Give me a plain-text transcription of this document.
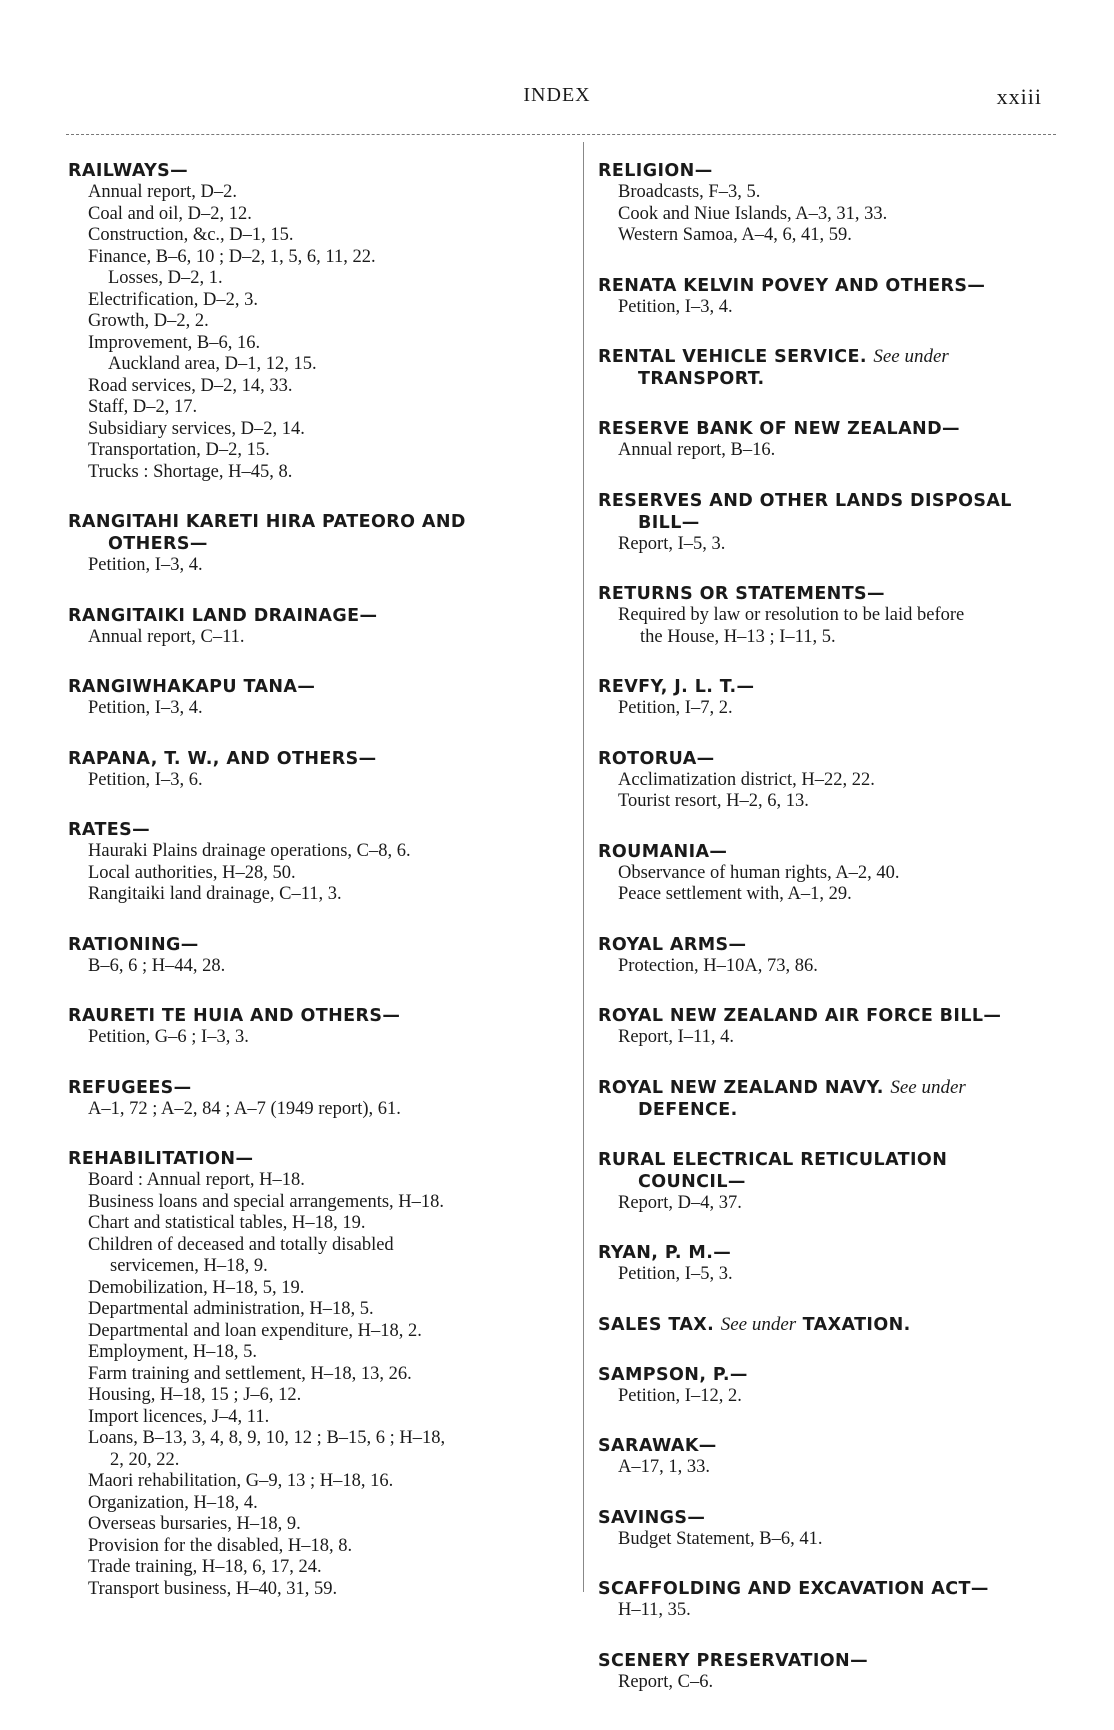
INDEX	xxiii
RAILWAYS—
Annual report, D–2.
Coal and oil, D–2, 12.
Construction, &c., D–1, 15.
Finance, B–6, 10 ; D–2, 1, 5, 6, 11, 22.
Losses, D–2, 1.
Electrification, D–2, 3.
Growth, D–2, 2.
Improvement, B–6, 16.
Auckland area, D–1, 12, 15.
Road services, D–2, 14, 33.
Staff, D–2, 17.
Subsidiary services, D–2, 14.
Transportation, D–2, 15.
Trucks : Shortage, H–45, 8.
RANGITAHI KARETI HIRA PATEORO AND
OTHERS—
Petition, I–3, 4.
RANGITAIKI LAND DRAINAGE—
Annual report, C–11.
RANGIWHAKAPU TANA—
Petition, I–3, 4.
RAPANA, T. W., AND OTHERS—
Petition, I–3, 6.
RATES—
Hauraki Plains drainage operations, C–8, 6.
Local authorities, H–28, 50.
Rangitaiki land drainage, C–11, 3.
RATIONING—
B–6, 6 ; H–44, 28.
RAURETI TE HUIA AND OTHERS—
Petition, G–6 ; I–3, 3.
REFUGEES—
A–1, 72 ; A–2, 84 ; A–7 (1949 report), 61.
REHABILITATION—
Board : Annual report, H–18.
Business loans and special arrangements, H–18.
Chart and statistical tables, H–18, 19.
Children of deceased and totally disabled
servicemen, H–18, 9.
Demobilization, H–18, 5, 19.
Departmental administration, H–18, 5.
Departmental and loan expenditure, H–18, 2.
Employment, H–18, 5.
Farm training and settlement, H–18, 13, 26.
Housing, H–18, 15 ; J–6, 12.
Import licences, J–4, 11.
Loans, B–13, 3, 4, 8, 9, 10, 12 ; B–15, 6 ; H–18,
2, 20, 22.
Maori rehabilitation, G–9, 13 ; H–18, 16.
Organization, H–18, 4.
Overseas bursaries, H–18, 9.
Provision for the disabled, H–18, 8.
Trade training, H–18, 6, 17, 24.
Transport business, H–40, 31, 59.
RELIGION—
Broadcasts, F–3, 5.
Cook and Niue Islands, A–3, 31, 33.
Western Samoa, A–4, 6, 41, 59.
RENATA KELVIN POVEY AND OTHERS—
Petition, I–3, 4.
RENTAL VEHICLE SERVICE. See under
TRANSPORT.
RESERVE BANK OF NEW ZEALAND—
Annual report, B–16.
RESERVES AND OTHER LANDS DISPOSAL
BILL—
Report, I–5, 3.
RETURNS OR STATEMENTS—
Required by law or resolution to be laid before
the House, H–13 ; I–11, 5.
REVFY, J. L. T.—
Petition, I–7, 2.
ROTORUA—
Acclimatization district, H–22, 22.
Tourist resort, H–2, 6, 13.
ROUMANIA—
Observance of human rights, A–2, 40.
Peace settlement with, A–1, 29.
ROYAL ARMS—
Protection, H–10A, 73, 86.
ROYAL NEW ZEALAND AIR FORCE BILL—
Report, I–11, 4.
ROYAL NEW ZEALAND NAVY. See under
DEFENCE.
RURAL ELECTRICAL RETICULATION
COUNCIL—
Report, D–4, 37.
RYAN, P. M.—
Petition, I–5, 3.
SALES TAX. See under TAXATION.
SAMPSON, P.—
Petition, I–12, 2.
SARAWAK—
A–17, 1, 33.
SAVINGS—
Budget Statement, B–6, 41.
SCAFFOLDING AND EXCAVATION ACT—
H–11, 35.
SCENERY PRESERVATION—
Report, C–6.
